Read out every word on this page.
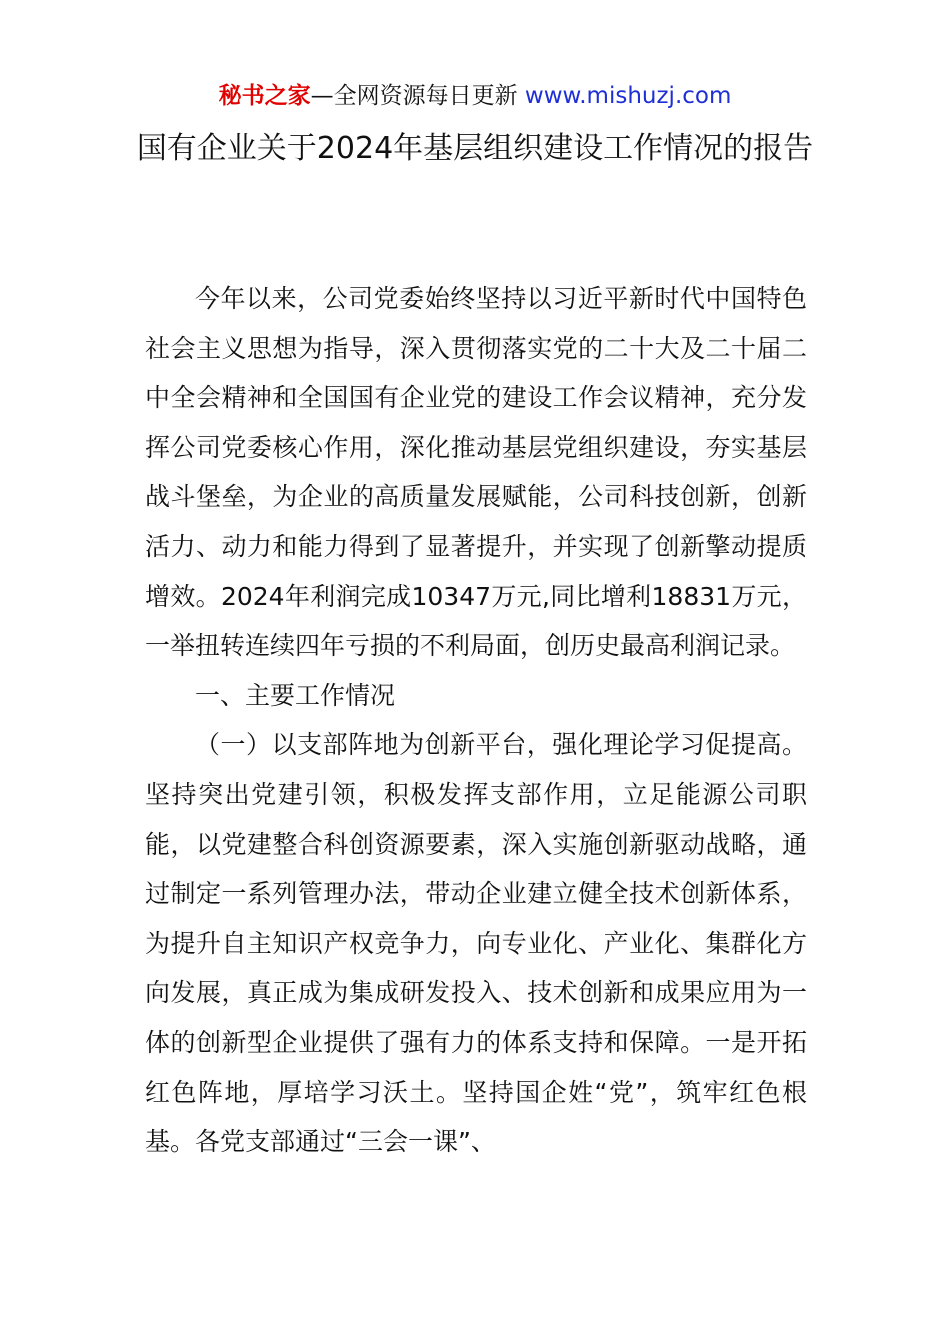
秘书之家—全网资源每日更新 www.mishuzj.com
国有企业关于2024年基层组织建设工作情况的报告

今年以来，公司党委始终坚持以习近平新时代中国特色社会主义思想为指导，深入贯彻落实党的二十大及二十届二中全会精神和全国国有企业党的建设工作会议精神，充分发挥公司党委核心作用，深化推动基层党组织建设，夯实基层战斗堡垒，为企业的高质量发展赋能，公司科技创新，创新活力、动力和能力得到了显著提升，并实现了创新擎动提质增效。2024年利润完成10347万元,同比增利18831万元，一举扭转连续四年亏损的不利局面，创历史最高利润记录。

一、主要工作情况

（一）以支部阵地为创新平台，强化理论学习促提高。坚持突出党建引领，积极发挥支部作用，立足能源公司职能，以党建整合科创资源要素，深入实施创新驱动战略，通过制定一系列管理办法，带动企业建立健全技术创新体系，为提升自主知识产权竞争力，向专业化、产业化、集群化方向发展，真正成为集成研发投入、技术创新和成果应用为一体的创新型企业提供了强有力的体系支持和保障。一是开拓红色阵地，厚培学习沃土。坚持国企姓“党”，筑牢红色根基。各党支部通过“三会一课”、
